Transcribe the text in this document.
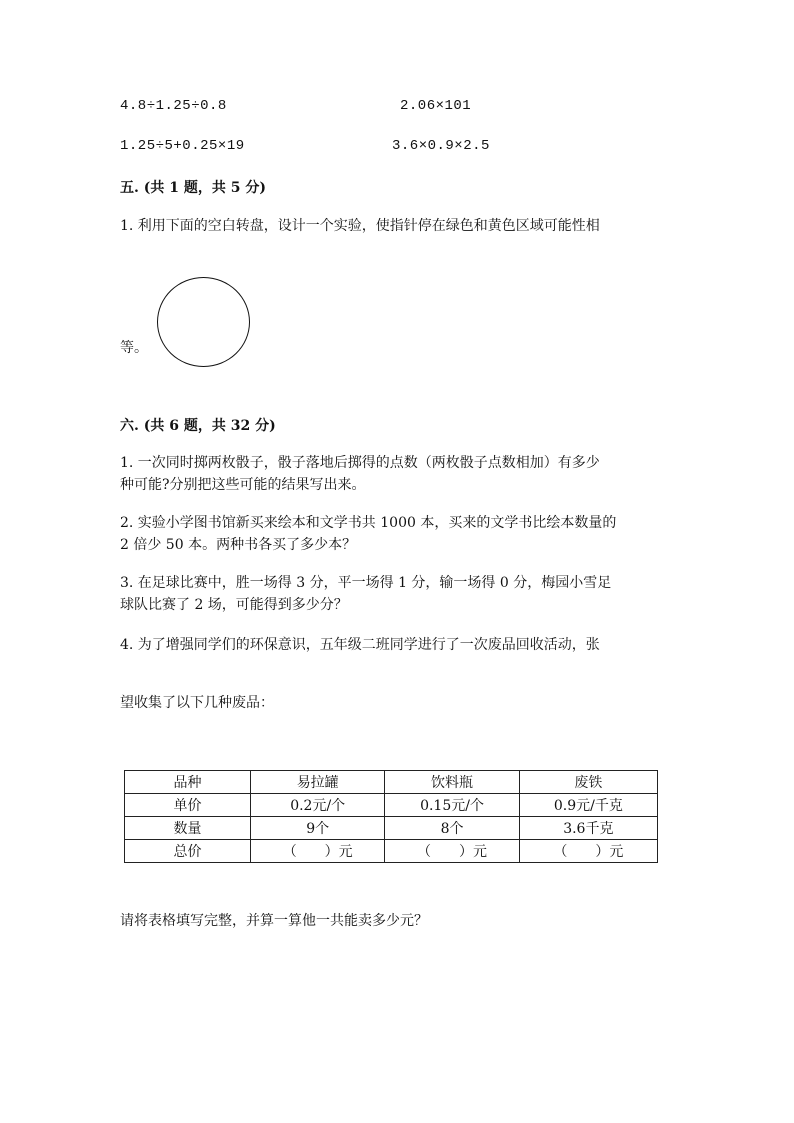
4.8÷1.25÷0.8	2.06×101
1.25÷5+0.25×19	3.6×0.9×2.5
五. (共 1 题，共 5 分)
1. 利用下面的空白转盘，设计一个实验，使指针停在绿色和黄色区域可能性相
等。
六. (共 6 题，共 32 分)
1. 一次同时掷两枚骰子，骰子落地后掷得的点数（两枚骰子点数相加）有多少
种可能?分别把这些可能的结果写出来。
2. 实验小学图书馆新买来绘本和文学书共 1000 本，买来的文学书比绘本数量的
2 倍少 50 本。两种书各买了多少本？
3. 在足球比赛中，胜一场得 3 分，平一场得 1 分，输一场得 0 分，梅园小雪足
球队比赛了 2 场，可能得到多少分？
4. 为了增强同学们的环保意识，五年级二班同学进行了一次废品回收活动，张
望收集了以下几种废品：
品种	易拉罐	饮料瓶	废铁
单价	0.2元/个	0.15元/个	0.9元/千克
数量	9个	8个	3.6千克
总价	（　　）元	（　　）元	（　　）元
请将表格填写完整，并算一算他一共能卖多少元？
